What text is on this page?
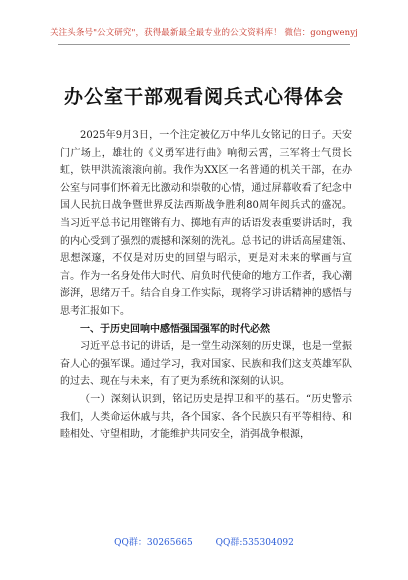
关注头条号"公文研究"，获得最新最全最专业的公文资料库！ 微信：gongwenyj
办公室干部观看阅兵式心得体会

2025年9月3日，一个注定被亿万中华儿女铭记的日子。天安门广场上，雄壮的《义勇军进行曲》响彻云霄，三军将士气贯长虹，铁甲洪流滚滚向前。我作为XX区一名普通的机关干部，在办公室与同事们怀着无比激动和崇敬的心情，通过屏幕收看了纪念中国人民抗日战争暨世界反法西斯战争胜利80周年阅兵式的盛况。当习近平总书记用铿锵有力、掷地有声的话语发表重要讲话时，我的内心受到了强烈的震撼和深刻的洗礼。总书记的讲话高屋建瓴、思想深邃，不仅是对历史的回望与昭示，更是对未来的擘画与宣言。作为一名身处伟大时代、肩负时代使命的地方工作者，我心潮澎湃，思绪万千。结合自身工作实际，现将学习讲话精神的感悟与思考汇报如下。

一、于历史回响中感悟强国强军的时代必然

习近平总书记的讲话，是一堂生动深刻的历史课，也是一堂振奋人心的强军课。通过学习，我对国家、民族和我们这支英雄军队的过去、现在与未来，有了更为系统和深刻的认识。

（一）深刻认识到，铭记历史是捍卫和平的基石。“历史警示我们，人类命运休戚与共，各个国家、各个民族只有平等相待、和睦相处、守望相助，才能维护共同安全，消弭战争根源，

QQ群：30265665	QQ群:535304092
